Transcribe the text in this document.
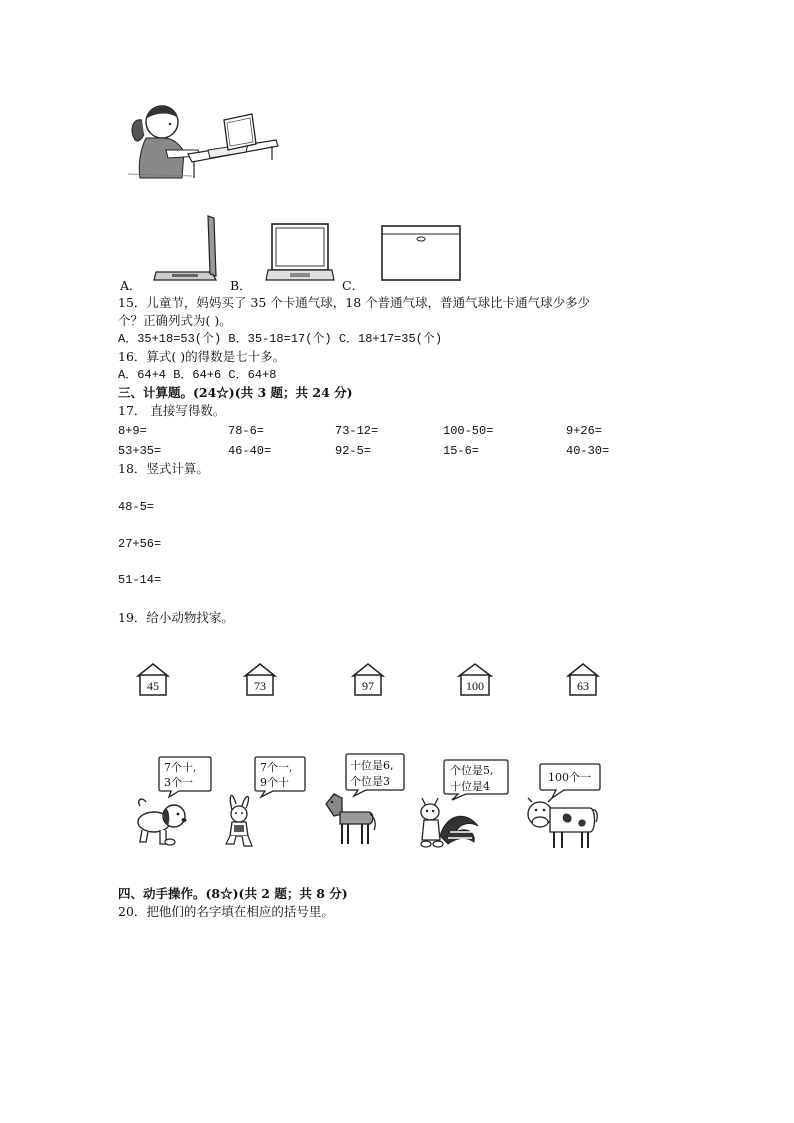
A．	B．	C．
15．儿童节，妈妈买了 35 个卡通气球，18 个普通气球，普通气球比卡通气球少多少
个？正确列式为( )。
A．35+18=53(个) B．35-18=17(个) C．18+17=35(个)
16．算式( )的得数是七十多。
A．64+4 B．64+6 C．64+8
三、计算题。(24☆)(共 3 题；共 24 分)
17． 直接写得数。
8+9=	78-6=	73-12=	100-50=	9+26=
53+35=	46-40=	92-5=	15-6=	40-30=
18．竖式计算。
48-5=
27+56=
51-14=
19．给小动物找家。
45	73	97	100	63
7个十,
3个一
7个一,
9个十
十位是6,
个位是3
个位是5,
十位是4
100个一
四、动手操作。(8☆)(共 2 题；共 8 分)
20．把他们的名字填在相应的括号里。
